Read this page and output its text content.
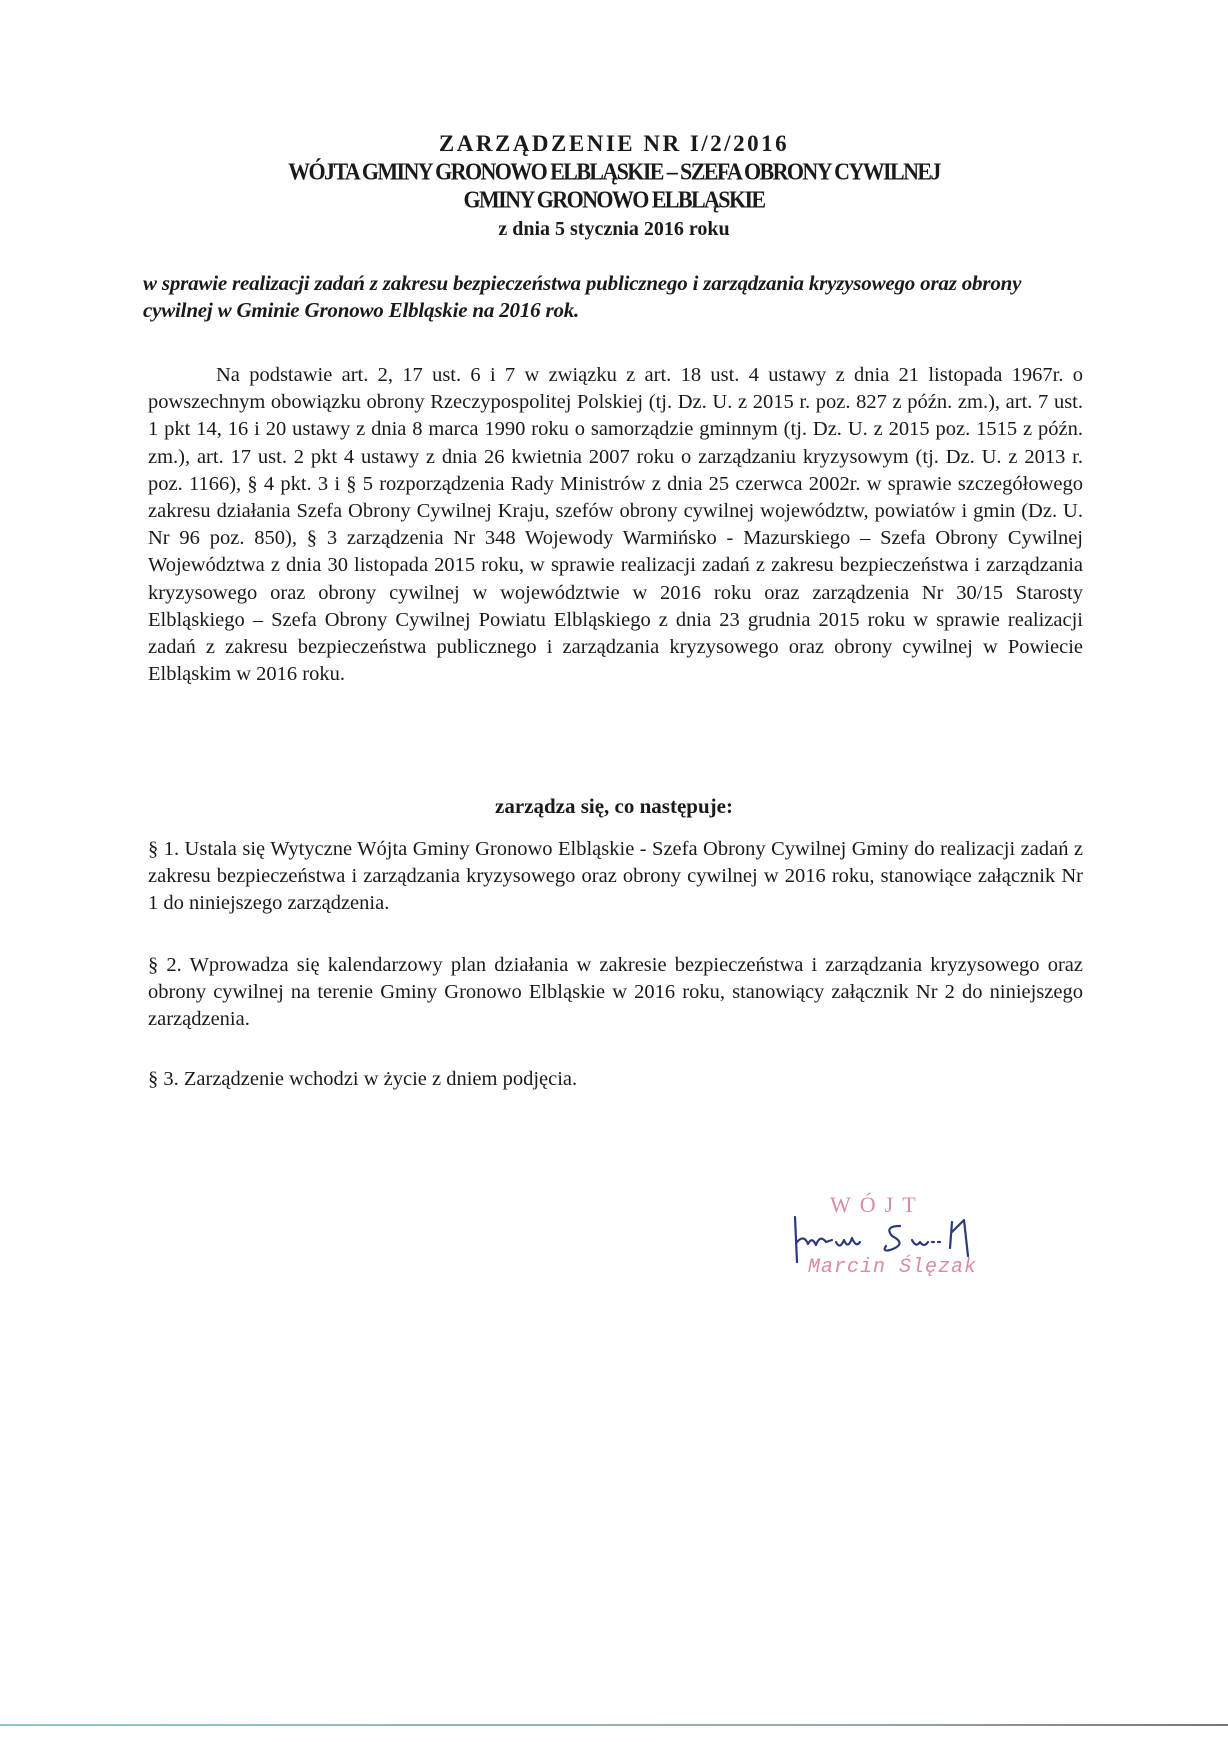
ZARZĄDZENIE NR I/2/2016
WÓJTA GMINY GRONOWO ELBLĄSKIE – SZEFA OBRONY CYWILNEJ
GMINY GRONOWO ELBLĄSKIE
z dnia 5 stycznia 2016 roku
w sprawie realizacji zadań z zakresu bezpieczeństwa publicznego i zarządzania kryzysowego oraz obrony cywilnej w Gminie Gronowo Elbląskie na 2016 rok.
Na podstawie art. 2, 17 ust. 6 i 7 w związku z art. 18 ust. 4 ustawy z dnia 21 listopada 1967r. o powszechnym obowiązku obrony Rzeczypospolitej Polskiej (tj. Dz. U. z 2015 r. poz. 827 z późn. zm.), art. 7 ust. 1 pkt 14, 16 i 20 ustawy z dnia 8 marca 1990 roku o samorządzie gminnym (tj. Dz. U. z 2015 poz. 1515 z późn. zm.), art. 17 ust. 2 pkt 4 ustawy z dnia 26 kwietnia 2007 roku o zarządzaniu kryzysowym (tj. Dz. U. z 2013 r. poz. 1166), § 4 pkt. 3 i § 5 rozporządzenia Rady Ministrów z dnia 25 czerwca 2002r. w sprawie szczegółowego zakresu działania Szefa Obrony Cywilnej Kraju, szefów obrony cywilnej województw, powiatów i gmin (Dz. U. Nr 96 poz. 850), § 3 zarządzenia Nr 348 Wojewody Warmińsko - Mazurskiego – Szefa Obrony Cywilnej Województwa z dnia 30 listopada 2015 roku, w sprawie realizacji zadań z zakresu bezpieczeństwa i zarządzania kryzysowego oraz obrony cywilnej w województwie w 2016 roku oraz zarządzenia Nr 30/15 Starosty Elbląskiego – Szefa Obrony Cywilnej Powiatu Elbląskiego z dnia 23 grudnia 2015 roku w sprawie realizacji zadań z zakresu bezpieczeństwa publicznego i zarządzania kryzysowego oraz obrony cywilnej w Powiecie Elbląskim w 2016 roku.
zarządza się, co następuje:
§ 1. Ustala się Wytyczne Wójta Gminy Gronowo Elbląskie - Szefa Obrony Cywilnej Gminy do realizacji zadań z zakresu bezpieczeństwa i zarządzania kryzysowego oraz obrony cywilnej w 2016 roku, stanowiące załącznik Nr 1 do niniejszego zarządzenia.
§ 2. Wprowadza się kalendarzowy plan działania w zakresie bezpieczeństwa i zarządzania kryzysowego oraz obrony cywilnej na terenie Gminy Gronowo Elbląskie w 2016 roku, stanowiący załącznik Nr 2 do niniejszego zarządzenia.
§ 3. Zarządzenie wchodzi w życie z dniem podjęcia.
WÓJT
Marcin Ślęzak
